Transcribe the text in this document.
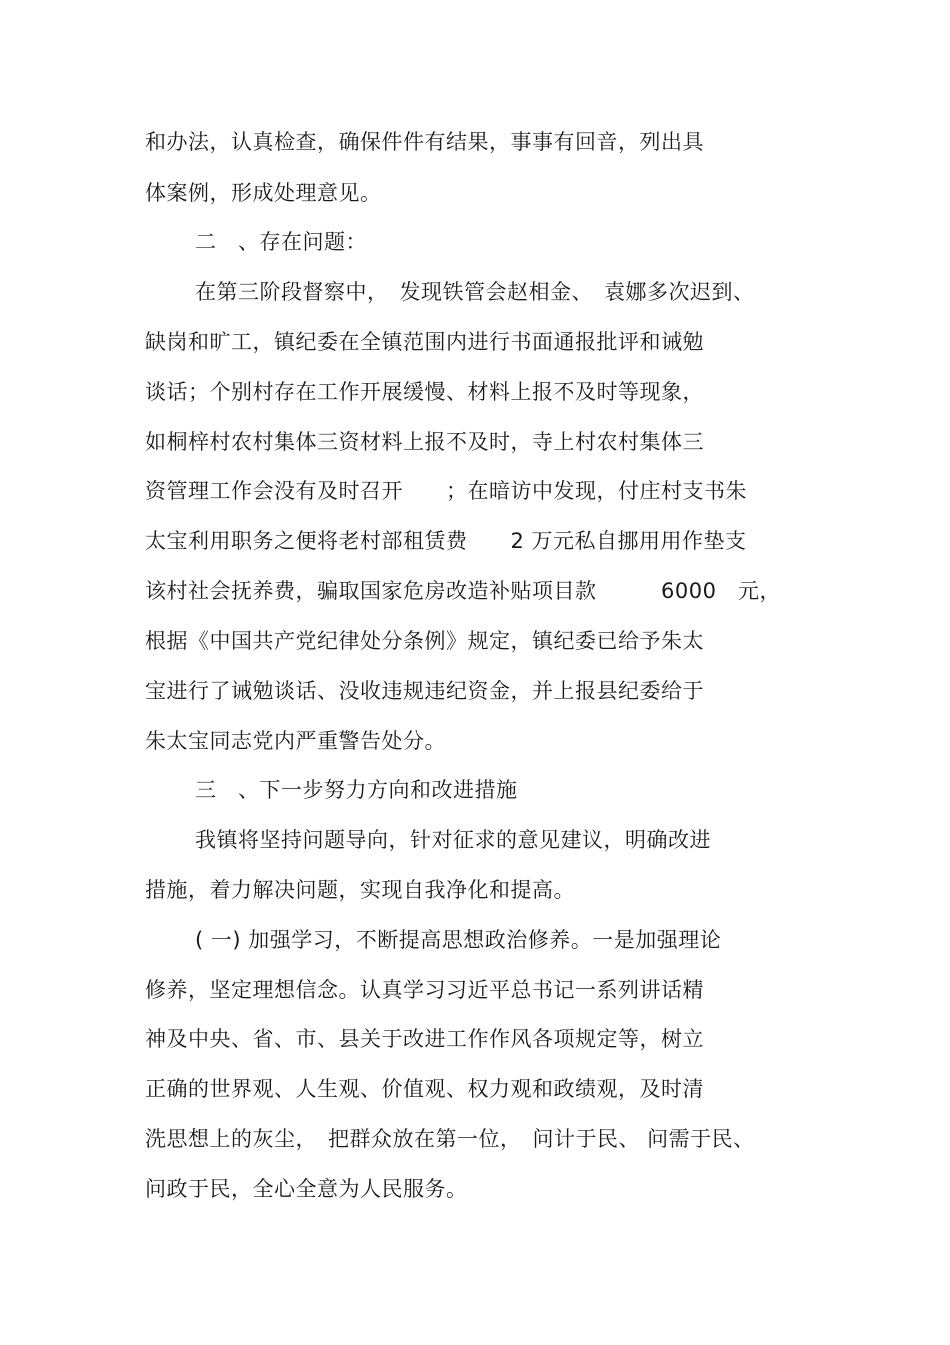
和办法，认真检查，确保件件有结果，事事有回音，列出具
体案例，形成处理意见。
二　、存在问题：
在第三阶段督察中，　发现铁管会赵相金、　袁娜多次迟到、
缺岗和旷工，镇纪委在全镇范围内进行书面通报批评和诫勉
谈话；个别村存在工作开展缓慢、材料上报不及时等现象，
如桐梓村农村集体三资材料上报不及时，寺上村农村集体三
资管理工作会没有及时召开　　；在暗访中发现，付庄村支书朱
太宝利用职务之便将老村部租赁费　　2 万元私自挪用用作垫支
该村社会抚养费，骗取国家危房改造补贴项目款　　　6000　元，
根据《中国共产党纪律处分条例》规定，镇纪委已给予朱太
宝进行了诫勉谈话、没收违规违纪资金，并上报县纪委给于
朱太宝同志党内严重警告处分。
三　、下一步努力方向和改进措施
我镇将坚持问题导向，针对征求的意见建议，明确改进
措施，着力解决问题，实现自我净化和提高。
( 一) 加强学习，不断提高思想政治修养。一是加强理论
修养，坚定理想信念。认真学习习近平总书记一系列讲话精
神及中央、省、市、县关于改进工作作风各项规定等，树立
正确的世界观、人生观、价值观、权力观和政绩观，及时清
洗思想上的灰尘，　把群众放在第一位，　问计于民、 问需于民、
问政于民，全心全意为人民服务。
